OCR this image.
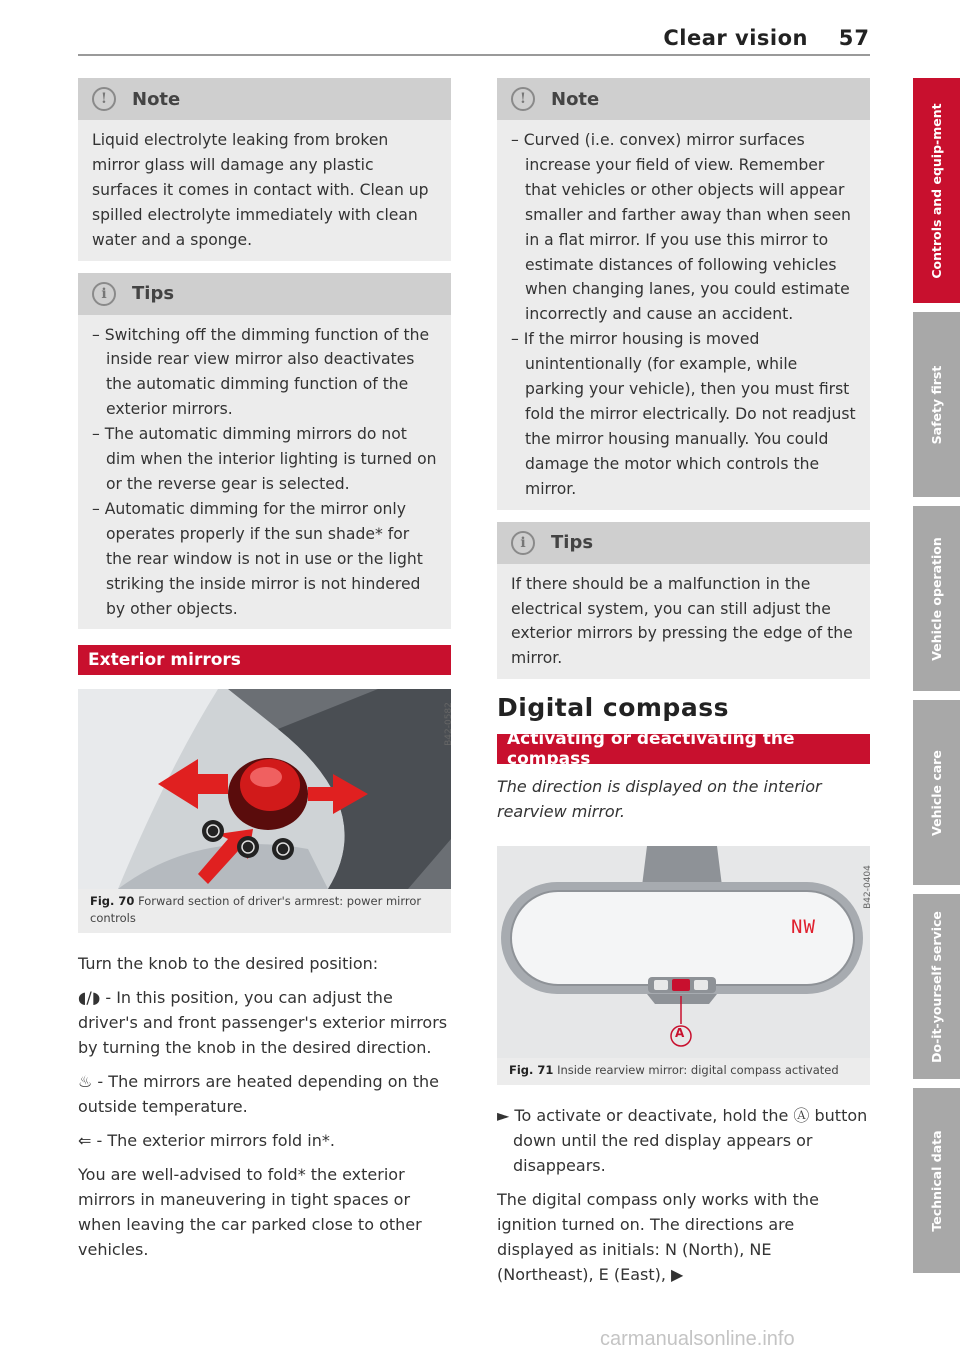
Clear vision 57
!	Note

Liquid electrolyte leaking from broken mirror glass will damage any plastic surfaces it comes in contact with. Clean up spilled electrolyte immediately with clean water and a sponge.

i	Tips

– Switching off the dimming function of the inside rear view mirror also deactivates the automatic dimming function of the exterior mirrors.

– The automatic dimming mirrors do not dim when the interior lighting is turned on or the reverse gear is selected.

– Automatic dimming for the mirror only operates properly if the sun shade* for the rear window is not in use or the light striking the inside mirror is not hindered by other objects.

Exterior mirrors
B42-0582
Fig. 70 Forward section of driver's armrest: power mirror controls

Turn the knob to the desired position:

◖/◗ - In this position, you can adjust the driver's and front passenger's exterior mirrors by turning the knob in the desired direction.

♨ - The mirrors are heated depending on the outside temperature.

⇐ - The exterior mirrors fold in*.

You are well-advised to fold* the exterior mirrors in maneuvering in tight spaces or when leaving the car parked close to other vehicles.

!	Note

– Curved (i.e. convex) mirror surfaces increase your field of view. Remember that vehicles or other objects will appear smaller and farther away than when seen in a flat mirror. If you use this mirror to estimate distances of following vehicles when changing lanes, you could estimate incorrectly and cause an accident.

– If the mirror housing is moved unintentionally (for example, while parking your vehicle), then you must first fold the mirror electrically. Do not readjust the mirror housing manually. You could damage the motor which controls the mirror.

i	Tips

If there should be a malfunction in the electrical system, you can still adjust the exterior mirrors by pressing the edge of the mirror.

Digital compass
Activating or deactivating the compass
The direction is displayed on the interior rearview mirror.
NW
A
B42-0404
Fig. 71 Inside rearview mirror: digital compass activated

► To activate or deactivate, hold the Ⓐ button down until the red display appears or disappears.

The digital compass only works with the ignition turned on. The directions are displayed as initials: N (North), NE (Northeast), E (East), ▶

Controls and equip-ment
Safety first
Vehicle operation
Vehicle care
Do-it-yourself service
Technical data
carmanualsonline.info
